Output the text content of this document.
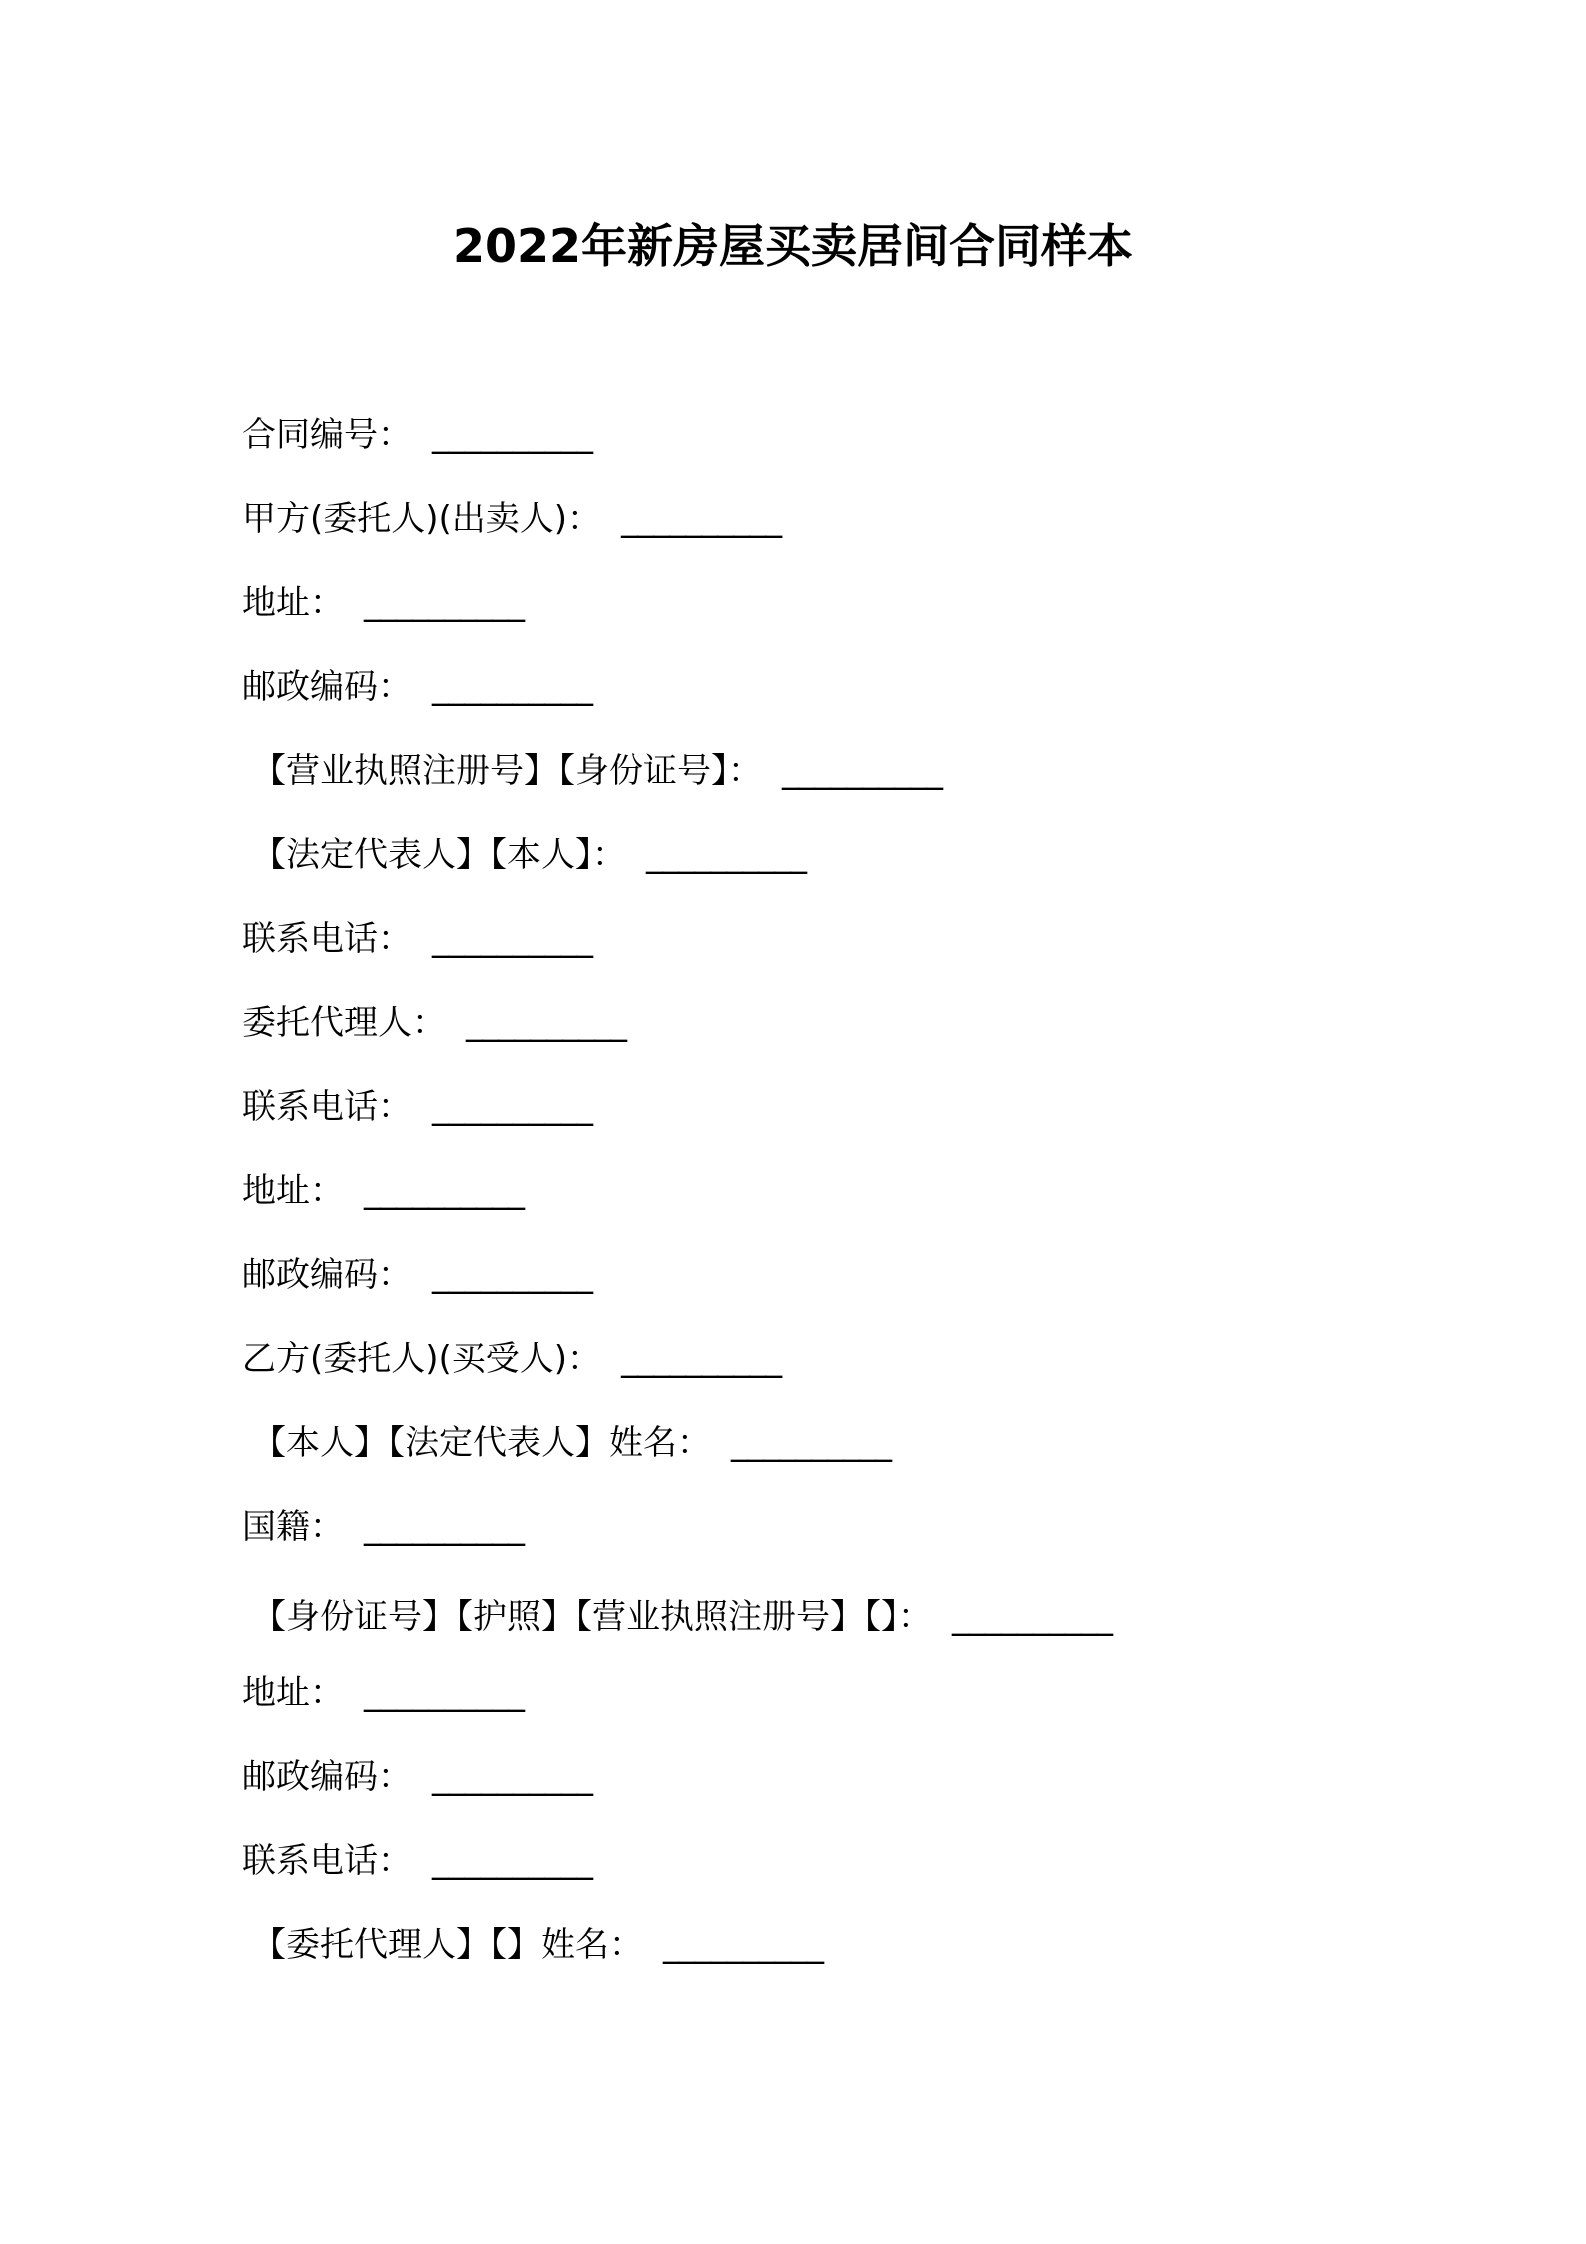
2022年新房屋买卖居间合同样本
合同编号： __________
甲方(委托人)(出卖人)： __________
地址： __________
邮政编码： __________
【营业执照注册号】【身份证号】： __________
【法定代表人】【本人】： __________
联系电话： __________
委托代理人： __________
联系电话： __________
地址： __________
邮政编码： __________
乙方(委托人)(买受人)： __________
【本人】【法定代表人】姓名： __________
国籍： __________
【身份证号】【护照】【营业执照注册号】【】： __________
地址： __________
邮政编码： __________
联系电话： __________
【委托代理人】【】姓名： __________
